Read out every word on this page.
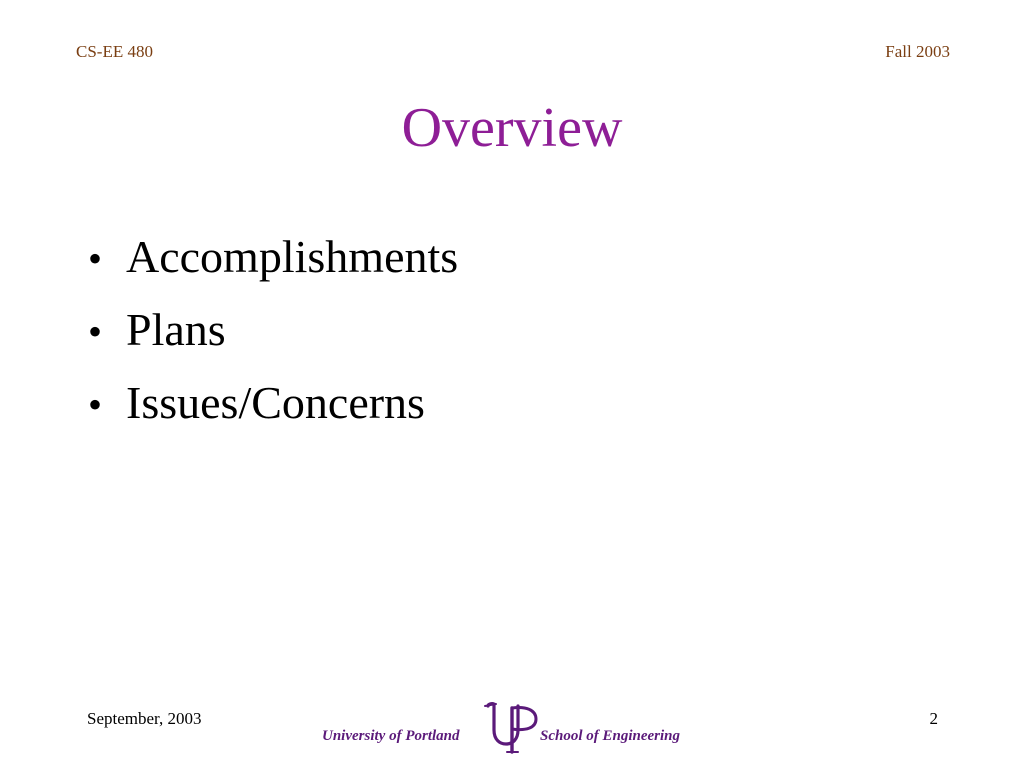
CS-EE 480	Fall 2003
Overview
• Accomplishments
• Plans
• Issues/Concerns
September, 2003
University of Portland	School of Engineering
2
